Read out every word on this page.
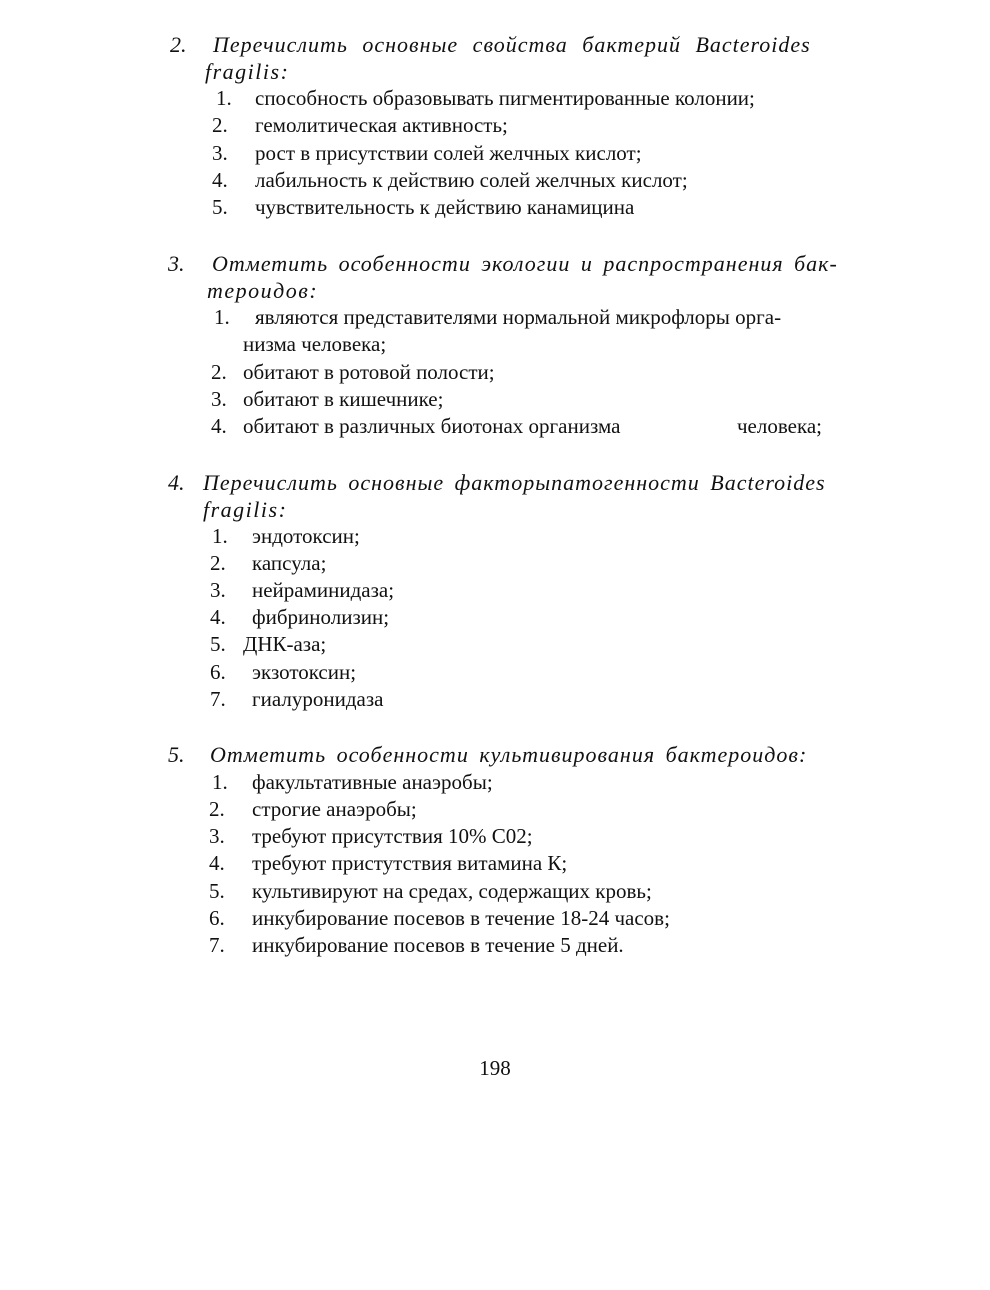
2. Перечислить основные свойства бактерий Bacteroides
fragilis:
1. способность образовывать пигментированные колонии;
2. гемолитическая активность;
3. рост в присутствии солей желчных кислот;
4. лабильность к действию солей желчных кислот;
5. чувствительность к действию канамицина
3. Отметить особенности экологии и распространения бак-
тероидов:
1. являются представителями нормальной микрофлоры орга-
низма человека;
2. обитают в ротовой полости;
3. обитают в кишечнике;
4. обитают в различных биотонах организма	человека;
4. Перечислить основные факторыпатогенности Bacteroides
fragilis:
1. эндотоксин;
2. капсула;
3. нейраминидаза;
4. фибринолизин;
5. ДНК-аза;
6. экзотоксин;
7. гиалуронидаза
5. Отметить особенности культивирования бактероидов:
1. факультативные анаэробы;
2. строгие анаэробы;
3. требуют присутствия 10% С02;
4. требуют пристутствия витамина К;
5. культивируют на средах, содержащих кровь;
6. инкубирование посевов в течение 18-24 часов;
7. инкубирование посевов в течение 5 дней.
198
